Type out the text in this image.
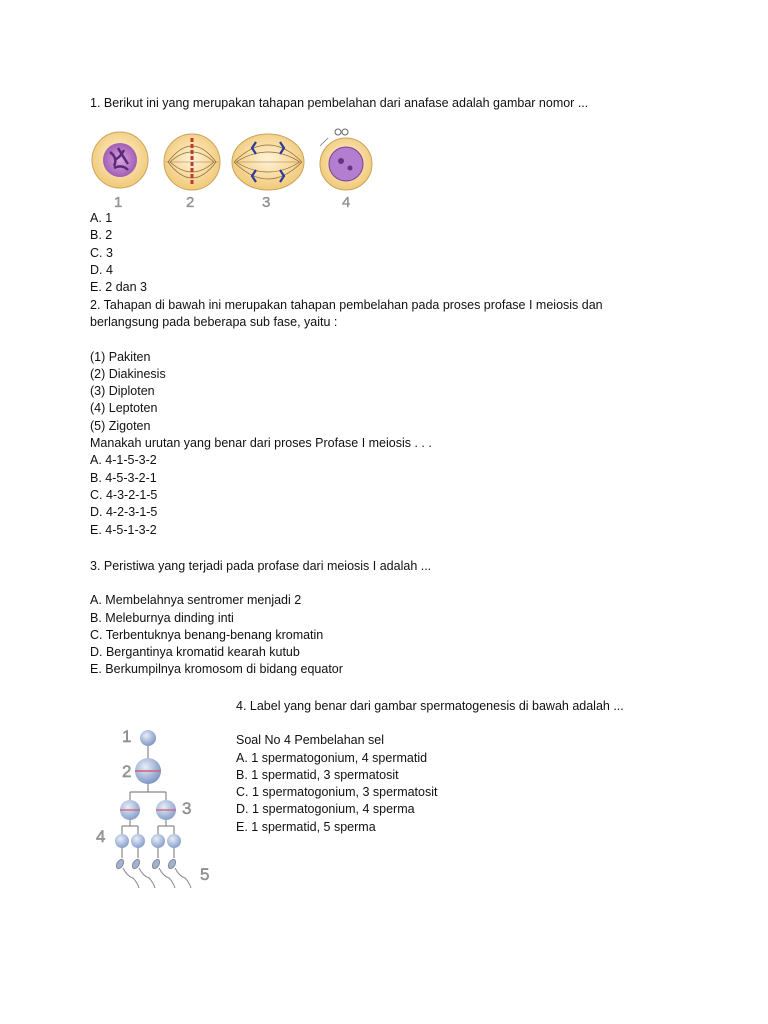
1. Berikut ini yang merupakan tahapan pembelahan dari anafase adalah gambar nomor ...
1	2	3	4
A. 1
B. 2
C. 3
D. 4
E. 2 dan 3
2. Tahapan di bawah ini merupakan tahapan pembelahan pada proses profase I meiosis dan
berlangsung pada beberapa sub fase, yaitu :
(1) Pakiten
(2) Diakinesis
(3) Diploten
(4) Leptoten
(5) Zigoten
Manakah urutan yang benar dari proses Profase I meiosis . . .
A. 4-1-5-3-2
B. 4-5-3-2-1
C. 4-3-2-1-5
D. 4-2-3-1-5
E. 4-5-1-3-2
3. Peristiwa yang terjadi pada profase dari meiosis I adalah ...
A. Membelahnya sentromer menjadi 2
B. Meleburnya dinding inti
C. Terbentuknya benang-benang kromatin
D. Bergantinya kromatid kearah kutub
E. Berkumpilnya kromosom di bidang equator
4. Label yang benar dari gambar spermatogenesis di bawah adalah ...
Soal No 4 Pembelahan sel
A. 1 spermatogonium, 4 spermatid
B. 1 spermatid, 3 spermatosit
C. 1 spermatogonium, 3 spermatosit
D. 1 spermatogonium, 4 sperma
E. 1 spermatid, 5 sperma
1
2
3
4
5
